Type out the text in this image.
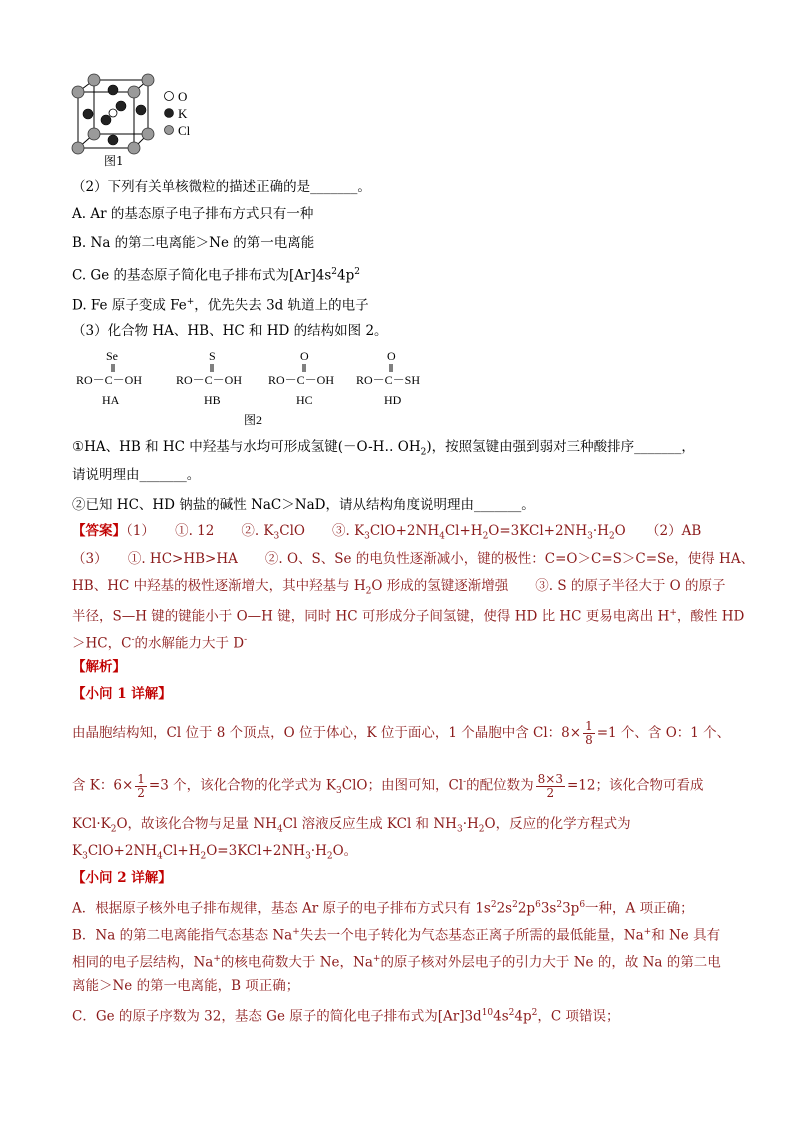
O
K
Cl
图1
（2）下列有关单核微粒的描述正确的是_______。
A. Ar 的基态原子电子排布方式只有一种
B. Na 的第二电离能＞Ne 的第一电离能
C. Ge 的基态原子简化电子排布式为$[Ar]4s^24p^2$
D. Fe 原子变成 Fe+，优先失去 3d 轨道上的电子
（3）化合物 HA、HB、HC 和 HD 的结构如图 2。
Se	S	O	O
RO－C－OH	RO－C－OH RO－C－OH RO－C－SH
HA	HB	HC	HD
图2
①HA、HB 和 HC 中羟基与水均可形成氢键(－O-H‥ $OH_2$)，按照氢键由强到弱对三种酸排序_______，
请说明理由_______。
②已知 HC、HD 钠盐的碱性 NaC＞NaD，请从结构角度说明理由_______。
【答案】（1）　　①. 12　　②. $K_3ClO$　　③. $K_3ClO+2NH_4Cl+H_2O=3KCl+2NH_3\cdot H_2O$　　（2）AB
（3）　　①. HC>HB>HA　　②. O、S、Se 的电负性逐渐减小，键的极性：C=O＞C=S＞C=Se，使得 HA、
HB、HC 中羟基的极性逐渐增大，其中羟基与 $H_2O$ 形成的氢键逐渐增强　　③. S 的原子半径大于 O 的原子
半径，S—H 键的键能小于 O—H 键，同时 HC 可形成分子间氢键，使得 HD 比 HC 更易电离出 H+，酸性 HD
＞HC，C-的水解能力大于 D-
【解析】
【小问 1 详解】
由晶胞结构知，Cl 位于 8 个顶点，O 位于体心，K 位于面心，1 个晶胞中含 Cl：$8\times \frac{1}{8} =1$ 个、含 O：1 个、
含 K：$6\times \frac{1}{2} =3$ 个，该化合物的化学式为 $K_3ClO$；由图可知，Cl-的配位数为 $\frac{8\times 3}{2} =12$；该化合物可看成
$KCl\cdot K_2O$，故该化合物与足量 $NH_4Cl$ 溶液反应生成 KCl 和 $NH_3\cdot H_2O$，反应的化学方程式为
$K_3ClO+2NH_4Cl+H_2O=3KCl+2NH_3\cdot H_2O$。
【小问 2 详解】
A．根据原子核外电子排布规律，基态 Ar 原子的电子排布方式只有 $1s^22s^22p^63s^23p^6$一种，A 项正确；
B．Na 的第二电离能指气态基态 Na+失去一个电子转化为气态基态正离子所需的最低能量，Na+和 Ne 具有
相同的电子层结构，Na+的核电荷数大于 Ne，Na+的原子核对外层电子的引力大于 Ne 的，故 Na 的第二电
离能＞Ne 的第一电离能，B 项正确；
C．Ge 的原子序数为 32，基态 Ge 原子的简化电子排布式为$[Ar]3d^{10}4s^24p^2$，C 项错误；
